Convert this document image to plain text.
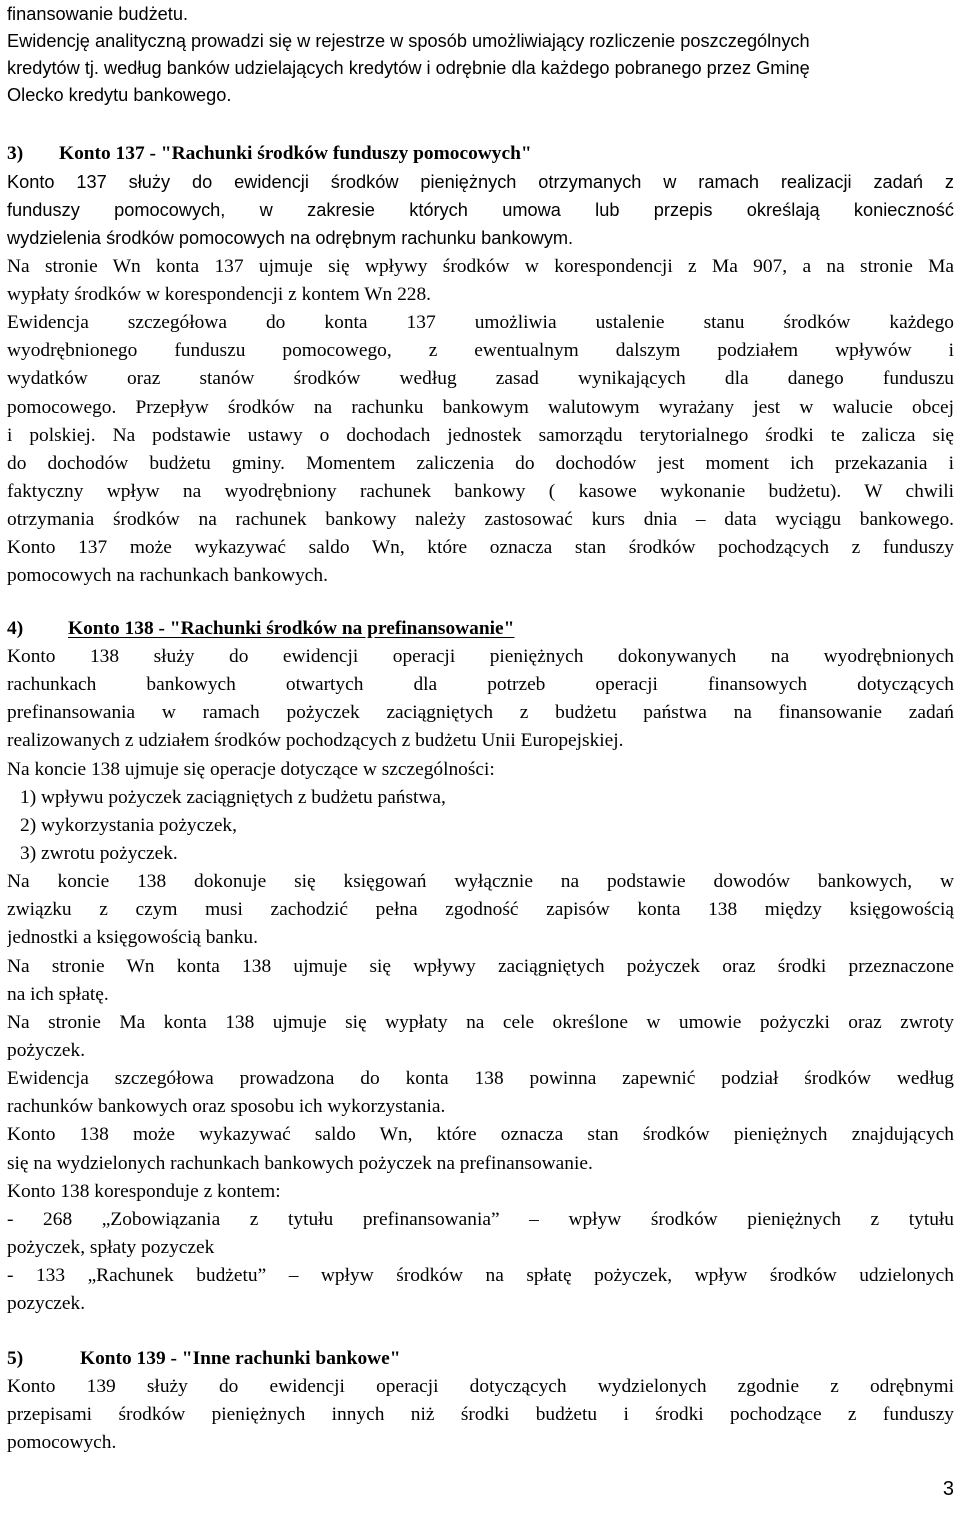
finansowanie budżetu.
Ewidencję analityczną prowadzi się w rejestrze w sposób umożliwiający rozliczenie poszczególnych
kredytów tj. według banków udzielających kredytów i odrębnie dla każdego pobranego przez Gminę
Olecko kredytu bankowego.
3) Konto 137 - "Rachunki środków funduszy pomocowych"
Konto 137 służy do ewidencji środków pieniężnych otrzymanych w ramach realizacji zadań z
funduszy pomocowych, w zakresie których umowa lub przepis określają konieczność
wydzielenia środków pomocowych na odrębnym rachunku bankowym.
Na stronie Wn konta 137 ujmuje się wpływy środków w korespondencji z Ma 907, a na stronie Ma
wypłaty środków w korespondencji z kontem Wn 228.
Ewidencja szczegółowa do konta 137 umożliwia ustalenie stanu środków każdego
wyodrębnionego funduszu pomocowego, z ewentualnym dalszym podziałem wpływów i
wydatków oraz stanów środków według zasad wynikających dla danego funduszu
pomocowego. Przepływ środków na rachunku bankowym walutowym wyrażany jest w walucie obcej
i polskiej. Na podstawie ustawy o dochodach jednostek samorządu terytorialnego środki te zalicza się
do dochodów budżetu gminy. Momentem zaliczenia do dochodów jest moment ich przekazania i
faktyczny wpływ na wyodrębniony rachunek bankowy ( kasowe wykonanie budżetu). W chwili
otrzymania środków na rachunek bankowy należy zastosować kurs dnia – data wyciągu bankowego.
Konto 137 może wykazywać saldo Wn, które oznacza stan środków pochodzących z funduszy
pomocowych na rachunkach bankowych.
4) Konto 138 - "Rachunki środków na prefinansowanie"
Konto 138 służy do ewidencji operacji pieniężnych dokonywanych na wyodrębnionych
rachunkach bankowych otwartych dla potrzeb operacji finansowych dotyczących
prefinansowania w ramach pożyczek zaciągniętych z budżetu państwa na finansowanie zadań
realizowanych z udziałem środków pochodzących z budżetu Unii Europejskiej.
Na koncie 138 ujmuje się operacje dotyczące w szczególności:
1) wpływu pożyczek zaciągniętych z budżetu państwa,
2) wykorzystania pożyczek,
3) zwrotu pożyczek.
Na koncie 138 dokonuje się księgowań wyłącznie na podstawie dowodów bankowych, w
związku z czym musi zachodzić pełna zgodność zapisów konta 138 między księgowością
jednostki a księgowością banku.
Na stronie Wn konta 138 ujmuje się wpływy zaciągniętych pożyczek oraz środki przeznaczone
na ich spłatę.
Na stronie Ma konta 138 ujmuje się wypłaty na cele określone w umowie pożyczki oraz zwroty
pożyczek.
Ewidencja szczegółowa prowadzona do konta 138 powinna zapewnić podział środków według
rachunków bankowych oraz sposobu ich wykorzystania.
Konto 138 może wykazywać saldo Wn, które oznacza stan środków pieniężnych znajdujących
się na wydzielonych rachunkach bankowych pożyczek na prefinansowanie.
Konto 138 koresponduje z kontem:
- 268 „Zobowiązania z tytułu prefinansowania” – wpływ środków pieniężnych z tytułu
pożyczek, spłaty pozyczek
- 133 „Rachunek budżetu” – wpływ środków na spłatę pożyczek, wpływ środków udzielonych
pozyczek.
5)	Konto 139 - "Inne rachunki bankowe"
Konto 139 służy do ewidencji operacji dotyczących wydzielonych zgodnie z odrębnymi
przepisami środków pieniężnych innych niż środki budżetu i środki pochodzące z funduszy
pomocowych.
3
